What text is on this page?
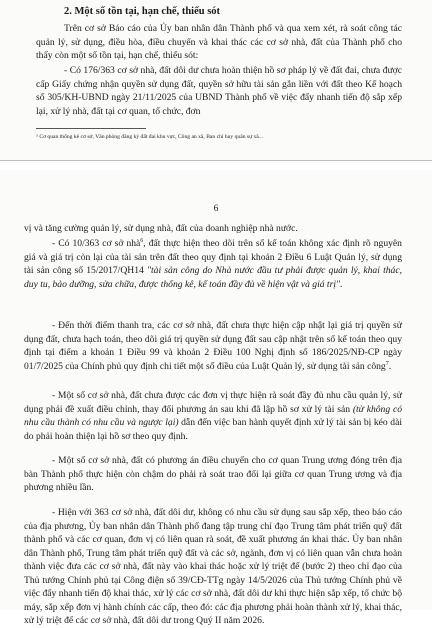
2. Một số tồn tại, hạn chế, thiếu sót
Trên cơ sở Báo cáo của Ủy ban nhân dân Thành phố và qua xem xét, rà soát công tác quản lý, sử dụng, điều hòa, điều chuyển và khai thác các cơ sở nhà, đất của Thành phố cho thấy còn một số tồn tại, hạn chế, thiếu sót:
- Có 176/363 cơ sở nhà, đất dôi dư chưa hoàn thiện hồ sơ pháp lý về đất đai, chưa được cấp Giấy chứng nhận quyền sử dụng đất, quyền sở hữu tài sản gắn liền với đất theo Kế hoạch số 305/KH-UBND ngày 21/11/2025 của UBND Thành phố về việc đẩy nhanh tiến độ sắp xếp lại, xử lý nhà, đất tại cơ quan, tổ chức, đơn
⁵ Cơ quan thống kê cơ sở, Văn phòng đăng ký đất đai khu vực, Công an xã, Ban chỉ huy quân sự xã...
6
vị và tăng cường quản lý, sử dụng nhà, đất của doanh nghiệp nhà nước.
- Có 10/363 cơ sở nhà$^6$, đất thực hiện theo dõi trên sổ kế toán không xác định rõ nguyên giá và giá trị còn lại của tài sản trên đất theo quy định tại khoản 2 Điều 6 Luật Quản lý, sử dụng tài sản công số 15/2017/QH14 "tài sản công do Nhà nước đầu tư phải được quản lý, khai thác, duy tu, bảo dưỡng, sửa chữa, được thống kê, kế toán đầy đủ về hiện vật và giá trị".
- Đến thời điểm thanh tra, các cơ sở nhà, đất chưa thực hiện cập nhật lại giá trị quyền sử dụng đất, chưa hạch toán, theo dõi giá trị quyền sử dụng đất sau cập nhật trên sổ kế toán theo quy định tại điểm a khoản 1 Điều 99 và khoản 2 Điều 100 Nghị định số 186/2025/NĐ-CP ngày 01/7/2025 của Chính phủ quy định chi tiết một số điều của Luật Quản lý, sử dụng tài sản công$^7$.
- Một số cơ sở nhà, đất chưa được các đơn vị thực hiện rà soát đầy đủ nhu cầu quản lý, sử dụng phải đề xuất điều chỉnh, thay đổi phương án sau khi đã lập hồ sơ xử lý tài sản (từ không có nhu cầu thành có nhu cầu và ngược lại) dẫn đến việc ban hành quyết định xử lý tài sản bị kéo dài do phải hoàn thiện lại hồ sơ theo quy định.
- Một số cơ sở nhà, đất có phương án điều chuyển cho cơ quan Trung ương đóng trên địa bàn Thành phố thực hiện còn chậm do phải rà soát trao đổi lại giữa cơ quan Trung ương và địa phương nhiều lần.
- Hiện với 363 cơ sở nhà, đất dôi dư, không có nhu cầu sử dụng sau sắp xếp, theo báo cáo của địa phương, Ủy ban nhân dân Thành phố đang tập trung chỉ đạo Trung tâm phát triển quỹ đất thành phố và các cơ quan, đơn vị có liên quan rà soát, đề xuất phương án khai thác. Ủy ban nhân dân Thành phố, Trung tâm phát triển quỹ đất và các sở, ngành, đơn vị có liên quan vẫn chưa hoàn thành việc đưa các cơ sở nhà, đất này vào khai thác hoặc xử lý triệt để (bước 2) theo chỉ đạo của Thủ tướng Chính phủ tại Công điện số 39/CĐ-TTg ngày 14/5/2026 của Thủ tướng Chính phủ về việc đẩy nhanh tiến độ khai thác, xử lý các cơ sở nhà, đất dôi dư khi thực hiện sắp xếp, tổ chức bộ máy, sắp xếp đơn vị hành chính các cấp, theo đó: các địa phương phải hoàn thành xử lý, khai thác, xử lý triệt để các cơ sở nhà, đất dôi dư trong Quý II năm 2026.
